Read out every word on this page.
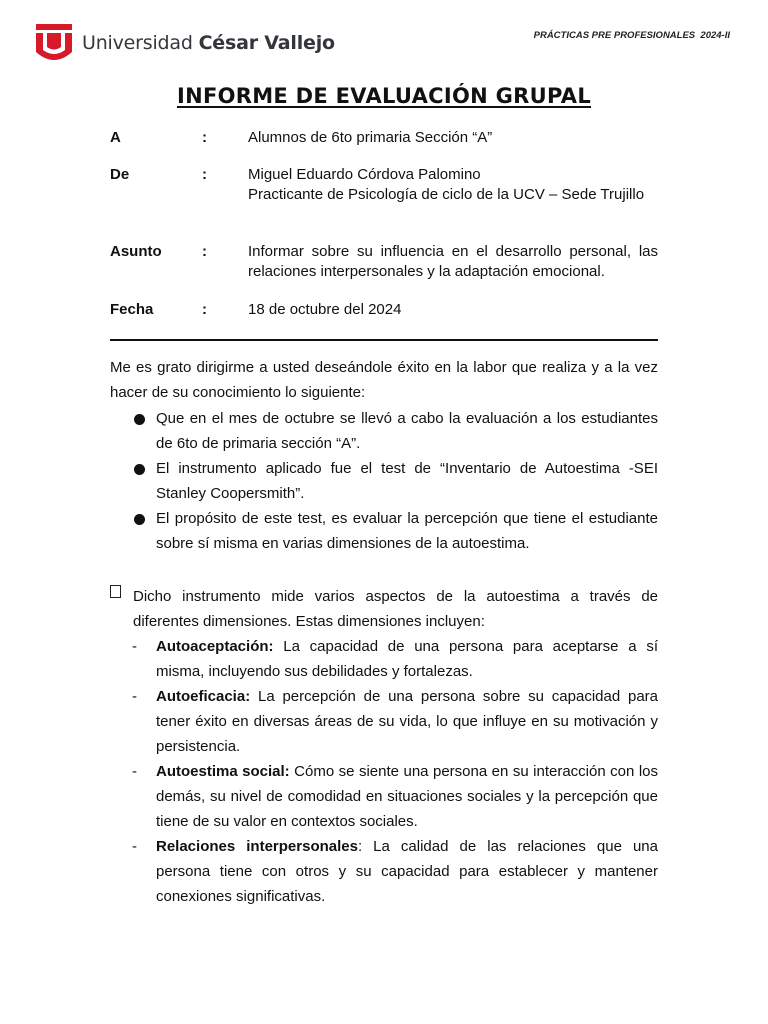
Universidad César Vallejo	PRÁCTICAS PRE PROFESIONALES  2024-II
INFORME DE EVALUACIÓN GRUPAL
A	:	Alumnos de 6to primaria Sección “A”
De	:	Miguel Eduardo Córdova Palomino
Practicante de Psicología de ciclo de la UCV – Sede Trujillo
Asunto	:	Informar sobre su influencia en el desarrollo personal, las relaciones interpersonales y la adaptación emocional.
Fecha	:	18 de octubre del 2024
Me es grato dirigirme a usted deseándole éxito en la labor que realiza y a la vez hacer de su conocimiento lo siguiente:
Que en el mes de octubre se llevó a cabo la evaluación a los estudiantes de 6to de primaria sección “A”.
El instrumento aplicado fue el test de “Inventario de Autoestima -SEI Stanley Coopersmith”.
El propósito de este test, es evaluar la percepción que tiene el estudiante sobre sí misma en varias dimensiones de la autoestima.
Dicho instrumento mide varios aspectos de la autoestima a través de diferentes dimensiones. Estas dimensiones incluyen:
- Autoaceptación: La capacidad de una persona para aceptarse a sí misma, incluyendo sus debilidades y fortalezas.
- Autoeficacia: La percepción de una persona sobre su capacidad para tener éxito en diversas áreas de su vida, lo que influye en su motivación y persistencia.
- Autoestima social: Cómo se siente una persona en su interacción con los demás, su nivel de comodidad en situaciones sociales y la percepción que tiene de su valor en contextos sociales.
- Relaciones interpersonales: La calidad de las relaciones que una persona tiene con otros y su capacidad para establecer y mantener conexiones significativas.
